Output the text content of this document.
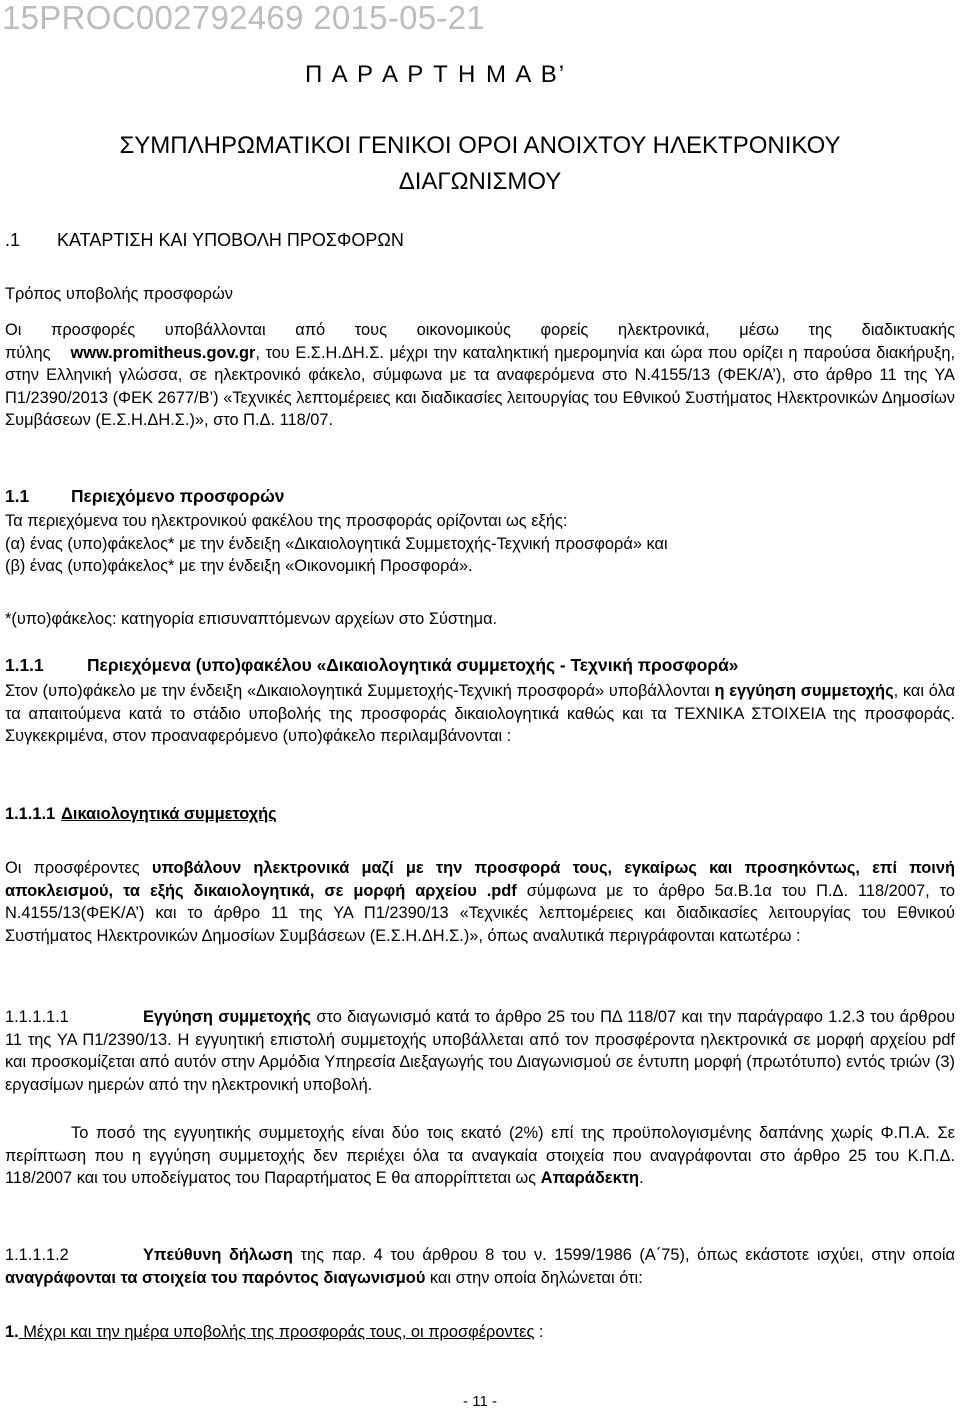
15PROC002792469 2015-05-21
Π Α Ρ Α Ρ Τ Η Μ Α Β’
ΣΥΜΠΛΗΡΩΜΑΤΙΚΟΙ ΓΕΝΙΚΟΙ ΟΡΟΙ ΑΝΟΙΧΤΟΥ ΗΛΕΚΤΡΟΝΙΚΟΥ
ΔΙΑΓΩΝΙΣΜΟΥ
.1 ΚΑΤΑΡΤΙΣΗ ΚΑΙ ΥΠΟΒΟΛΗ ΠΡΟΣΦΟΡΩΝ
Τρόπος υποβολής προσφορών
Οι προσφορές υποβάλλονται από τους οικονομικούς φορείς ηλεκτρονικά, μέσω της διαδικτυακής
πύλης www.promitheus.gov.gr, του Ε.Σ.Η.ΔΗ.Σ. μέχρι την καταληκτική ημερομηνία και ώρα που ορίζει η παρούσα διακήρυξη, στην Ελληνική γλώσσα, σε ηλεκτρονικό φάκελο, σύμφωνα με τα αναφερόμενα στο Ν.4155/13 (ΦΕΚ/Α’), στο άρθρο 11 της ΥΑ Π1/2390/2013 (ΦΕΚ 2677/Β’) «Τεχνικές λεπτομέρειες και διαδικασίες λειτουργίας του Εθνικού Συστήματος Ηλεκτρονικών Δημοσίων Συμβάσεων (Ε.Σ.Η.ΔΗ.Σ.)», στο Π.Δ. 118/07.
1.1 Περιεχόμενο προσφορών
Τα περιεχόμενα του ηλεκτρονικού φακέλου της προσφοράς ορίζονται ως εξής:
(α) ένας (υπο)φάκελος* με την ένδειξη «Δικαιολογητικά Συμμετοχής-Τεχνική προσφορά» και
(β) ένας (υπο)φάκελος* με την ένδειξη «Οικονομική Προσφορά».
*(υπο)φάκελος: κατηγορία επισυναπτόμενων αρχείων στο Σύστημα.
1.1.1 Περιεχόμενα (υπο)φακέλου «Δικαιολογητικά συμμετοχής - Τεχνική προσφορά»
Στον (υπο)φάκελο με την ένδειξη «Δικαιολογητικά Συμμετοχής-Τεχνική προσφορά» υποβάλλονται η εγγύηση συμμετοχής, και όλα τα απαιτούμενα κατά το στάδιο υποβολής της προσφοράς δικαιολογητικά καθώς και τα ΤΕΧΝΙΚΑ ΣΤΟΙΧΕΙΑ της προσφοράς. Συγκεκριμένα, στον προαναφερόμενο (υπο)φάκελο περιλαμβάνονται :
1.1.1.1 Δικαιολογητικά συμμετοχής
Οι προσφέροντες υποβάλουν ηλεκτρονικά μαζί με την προσφορά τους, εγκαίρως και προσηκόντως, επί ποινή αποκλεισμού, τα εξής δικαιολογητικά, σε μορφή αρχείου .pdf σύμφωνα με το άρθρο 5α.Β.1α του Π.Δ. 118/2007, το Ν.4155/13(ΦΕΚ/Α’) και το άρθρο 11 της ΥΑ Π1/2390/13 «Τεχνικές λεπτομέρειες και διαδικασίες λειτουργίας του Εθνικού Συστήματος Ηλεκτρονικών Δημοσίων Συμβάσεων (Ε.Σ.Η.ΔΗ.Σ.)», όπως αναλυτικά περιγράφονται κατωτέρω :
1.1.1.1.1	Εγγύηση συμμετοχής στο διαγωνισμό κατά το άρθρο 25 του ΠΔ 118/07 και την παράγραφο 1.2.3 του άρθρου 11 της ΥΑ Π1/2390/13. Η εγγυητική επιστολή συμμετοχής υποβάλλεται από τον προσφέροντα ηλεκτρονικά σε μορφή αρχείου pdf και προσκομίζεται από αυτόν στην Αρμόδια Υπηρεσία Διεξαγωγής του Διαγωνισμού σε έντυπη μορφή (πρωτότυπο) εντός τριών (3) εργασίμων ημερών από την ηλεκτρονική υποβολή.
Το ποσό της εγγυητικής συμμετοχής είναι δύο τοις εκατό (2%) επί της προϋπολογισμένης δαπάνης χωρίς Φ.Π.Α. Σε περίπτωση που η εγγύηση συμμετοχής δεν περιέχει όλα τα αναγκαία στοιχεία που αναγράφονται στο άρθρο 25 του Κ.Π.Δ. 118/2007 και του υποδείγματος του Παραρτήματος Ε θα απορρίπτεται ως Απαράδεκτη.
1.1.1.1.2	Υπεύθυνη δήλωση της παρ. 4 του άρθρου 8 του ν. 1599/1986 (Α΄75), όπως εκάστοτε ισχύει, στην οποία αναγράφονται τα στοιχεία του παρόντος διαγωνισμού και στην οποία δηλώνεται ότι:
1. Μέχρι και την ημέρα υποβολής της προσφοράς τους, οι προσφέροντες :
- 11 -
